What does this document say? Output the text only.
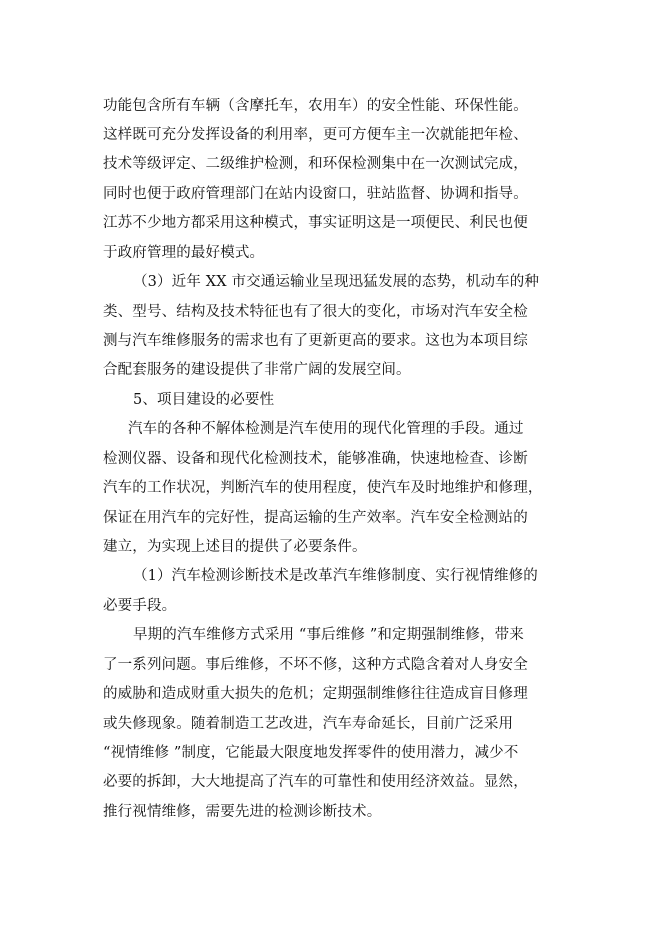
功能包含所有车辆（含摩托车，农用车）的安全性能、环保性能。
这样既可充分发挥设备的利用率，更可方便车主一次就能把年检、
技术等级评定、二级维护检测，和环保检测集中在一次测试完成，
同时也便于政府管理部门在站内设窗口，驻站监督、协调和指导。
江苏不少地方都采用这种模式，事实证明这是一项便民、利民也便
于政府管理的最好模式。
（3）近年 XX 市交通运输业呈现迅猛发展的态势，机动车的种
类、型号、结构及技术特征也有了很大的变化，市场对汽车安全检
测与汽车维修服务的需求也有了更新更高的要求。这也为本项目综
合配套服务的建设提供了非常广阔的发展空间。
5、项目建设的必要性
汽车的各种不解体检测是汽车使用的现代化管理的手段。通过
检测仪器、设备和现代化检测技术，能够准确，快速地检查、诊断
汽车的工作状况，判断汽车的使用程度，使汽车及时地维护和修理，
保证在用汽车的完好性，提高运输的生产效率。汽车安全检测站的
建立，为实现上述目的提供了必要条件。
（1）汽车检测诊断技术是改革汽车维修制度、实行视情维修的
必要手段。
早期的汽车维修方式采用 “事后维修 ”和定期强制维修，带来
了一系列问题。事后维修，不坏不修，这种方式隐含着对人身安全
的威胁和造成财重大损失的危机；定期强制维修往往造成盲目修理
或失修现象。随着制造工艺改进，汽车寿命延长，目前广泛采用
“视情维修 ”制度，它能最大限度地发挥零件的使用潜力，减少不
必要的拆卸，大大地提高了汽车的可靠性和使用经济效益。显然，
推行视情维修，需要先进的检测诊断技术。
